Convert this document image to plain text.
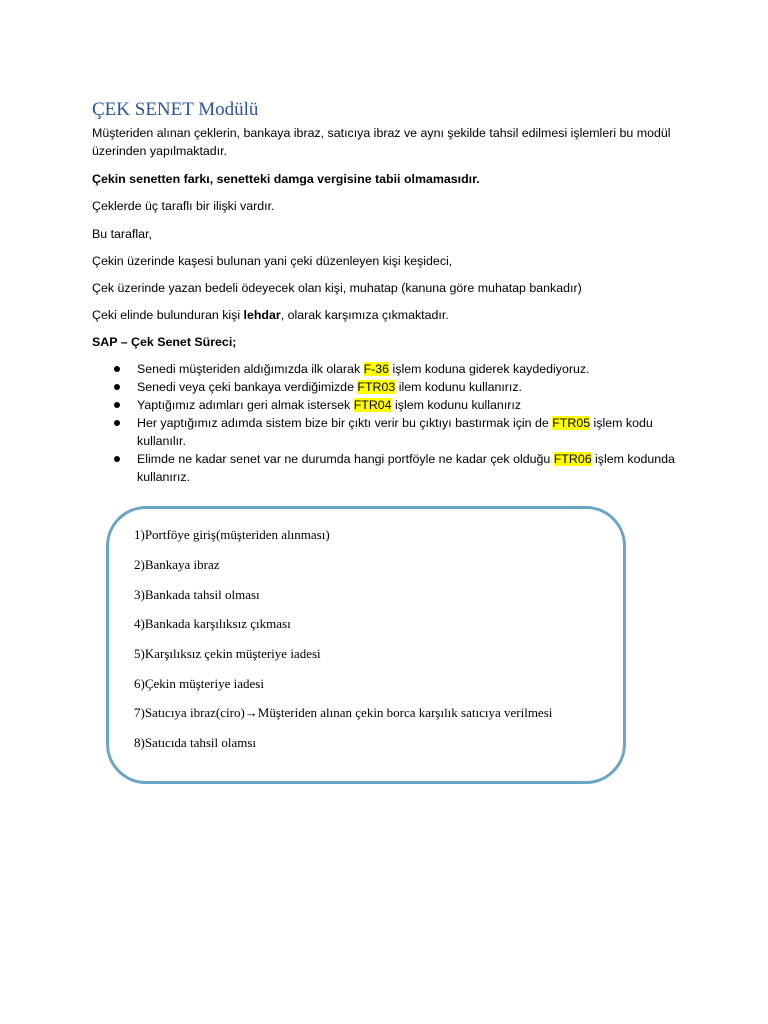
ÇEK SENET Modülü

Müşteriden alınan çeklerin, bankaya ibraz, satıcıya ibraz ve aynı şekilde tahsil edilmesi işlemleri bu modül üzerinden yapılmaktadır.

Çekin senetten farkı, senetteki damga vergisine tabii olmamasıdır.

Çeklerde üç taraflı bir ilişki vardır.

Bu taraflar,

Çekin üzerinde kaşesi bulunan yani çeki düzenleyen kişi keşideci,

Çek üzerinde yazan bedeli ödeyecek olan kişi, muhatap (kanuna göre muhatap bankadır)

Çeki elinde bulunduran kişi lehdar, olarak karşımıza çıkmaktadır.

SAP – Çek Senet Süreci;

Senedi müşteriden aldığımızda ilk olarak F-36 işlem koduna giderek kaydediyoruz.
Senedi veya çeki bankaya verdiğimizde FTR03 ilem kodunu kullanırız.
Yaptığımız adımları geri almak istersek FTR04 işlem kodunu kullanırız
Her yaptığımız adımda sistem bize bir çıktı verir bu çıktıyı bastırmak için de FTR05 işlem kodu kullanılır.
Elimde ne kadar senet var ne durumda hangi portföyle ne kadar çek olduğu FTR06 işlem kodunda kullanırız.

1)Portföye giriş(müşteriden alınması)

2)Bankaya ibraz

3)Bankada tahsil olması

4)Bankada karşılıksız çıkması

5)Karşılıksız çekin müşteriye iadesi

6)Çekin müşteriye iadesi

7)Satıcıya ibraz(ciro)→Müşteriden alınan çekin borca karşılık satıcıya verilmesi

8)Satıcıda tahsil olamsı
